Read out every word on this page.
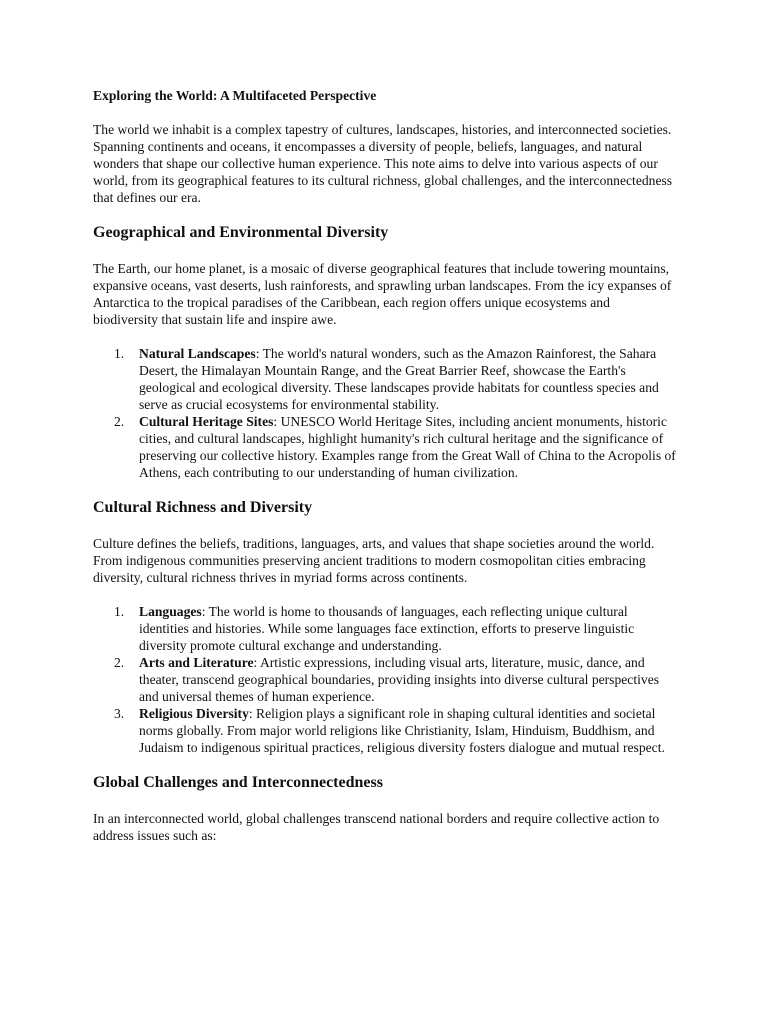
Exploring the World: A Multifaceted Perspective

The world we inhabit is a complex tapestry of cultures, landscapes, histories, and interconnected societies. Spanning continents and oceans, it encompasses a diversity of people, beliefs, languages, and natural wonders that shape our collective human experience. This note aims to delve into various aspects of our world, from its geographical features to its cultural richness, global challenges, and the interconnectedness that defines our era.

Geographical and Environmental Diversity

The Earth, our home planet, is a mosaic of diverse geographical features that include towering mountains, expansive oceans, vast deserts, lush rainforests, and sprawling urban landscapes. From the icy expanses of Antarctica to the tropical paradises of the Caribbean, each region offers unique ecosystems and biodiversity that sustain life and inspire awe.

1. Natural Landscapes: The world's natural wonders, such as the Amazon Rainforest, the Sahara Desert, the Himalayan Mountain Range, and the Great Barrier Reef, showcase the Earth's geological and ecological diversity. These landscapes provide habitats for countless species and serve as crucial ecosystems for environmental stability.
2. Cultural Heritage Sites: UNESCO World Heritage Sites, including ancient monuments, historic cities, and cultural landscapes, highlight humanity's rich cultural heritage and the significance of preserving our collective history. Examples range from the Great Wall of China to the Acropolis of Athens, each contributing to our understanding of human civilization.
Cultural Richness and Diversity

Culture defines the beliefs, traditions, languages, arts, and values that shape societies around the world. From indigenous communities preserving ancient traditions to modern cosmopolitan cities embracing diversity, cultural richness thrives in myriad forms across continents.

1. Languages: The world is home to thousands of languages, each reflecting unique cultural identities and histories. While some languages face extinction, efforts to preserve linguistic diversity promote cultural exchange and understanding.
2. Arts and Literature: Artistic expressions, including visual arts, literature, music, dance, and theater, transcend geographical boundaries, providing insights into diverse cultural perspectives and universal themes of human experience.
3. Religious Diversity: Religion plays a significant role in shaping cultural identities and societal norms globally. From major world religions like Christianity, Islam, Hinduism, Buddhism, and Judaism to indigenous spiritual practices, religious diversity fosters dialogue and mutual respect.
Global Challenges and Interconnectedness

In an interconnected world, global challenges transcend national borders and require collective action to address issues such as:
